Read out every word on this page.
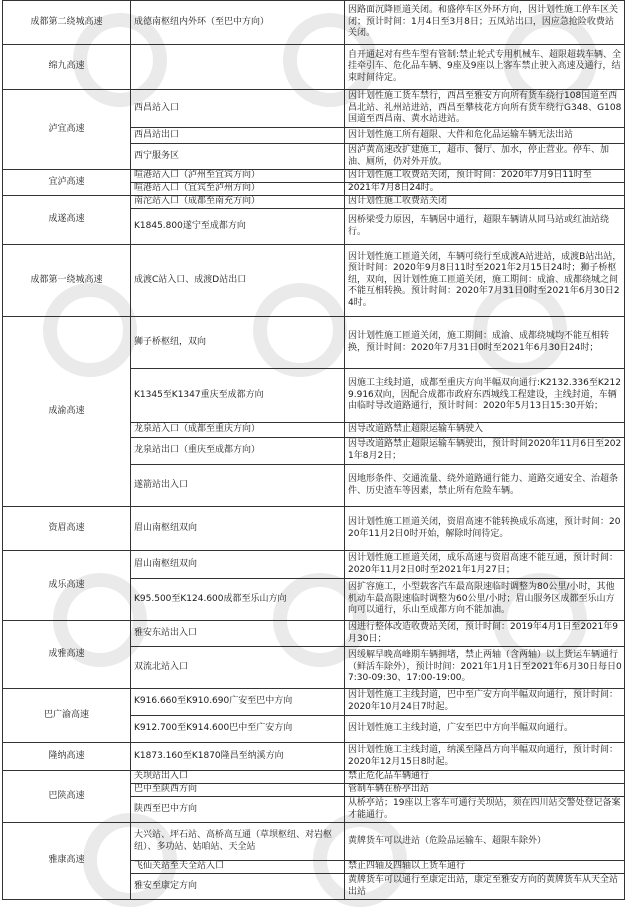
成都第二绕城高速	成德南枢纽内外环（至巴中方向）	因路面沉降匝道关闭。和盛停车区外环方向，因计划性施工停车区关闭；预计时间：1月4日至3月8日；五凤站出口，因应急抢险收费站关闭。
绵九高速		自开通起对有些车型有管制:禁止轮式专用机械车、超限超载车辆、全挂牵引车、危化品车辆、9座及9座以上客车禁止驶入高速及通行，结束时间待定。
泸宜高速	西昌站入口	因计划性施工货车禁行，西昌至雅安方向所有货车绕行108国道至西昌北站、礼州站进站，西昌至攀枝花方向所有货车绕行G348、G108国道至西昌南、黄水站进站。
	西昌站出口	因计划性施工所有超限、大件和危化品运输车辆无法出站
	西宁服务区	因泸黄高速改扩建施工，超市、餐厅、加水，停止营业。停车、加油、厕所，仍对外开放。
宜泸高速	喧港站入口（泸州至宜宾方向）	因计划性施工收费站关闭，预计时间：2020年7月9日11时至
	喧港站入口（宜宾至泸州方向）	2021年7月8日24时。
成遂高速	南沱站入口（成都至南充方向）	因计划性施工收费站关闭
	K1845.800遂宁至成都方向	因桥梁受力原因，车辆居中通行，超限车辆请从同马站或红油站绕行。
成都第一绕城高速	成渡C站入口、成渡D站出口	因计划性施工匝道关闭，车辆可绕行至成渡A站进站，成渡B站出站，预计时间：2020年9月8日11时至2021年2月15日24时；狮子桥枢纽，双向，因计划性施工匝道关闭，施工期间：成渝、成都绕城之间不能互相转换。预计时间：2020年7月31日0时至2021年6月30日24时。
成渝高速	狮子桥枢纽，双向	因计划性施工匝道关闭，施工期间：成渝、成都绕城均不能互相转换，预计时间：2020年7月31日0时至2021年6月30日24时；
	K1345至K1347重庆至成都方向	因施工主线封道，成都至重庆方向半幅双向通行:K2132.336至K2129.916双向，因配合成都市政府东西城线工程建设，主线封道，车辆由临时导改道路通行，预计时间：2020年5月13日15:30开始；
	龙泉站入口（成都至重庆方向）	因导改道路禁止超限运输车辆驶入
	龙泉站出口（重庆至成都方向）	因导改道路禁止超限运输车辆驶出，预计时间2020年11月6日至2021年8月2日；
	遂箭站出入口	因地形条件、交通流量、绕外道路通行能力、道路交通安全、治超条件、历史渣车等因素，禁止所有危险车辆。
资眉高速	眉山南枢纽双向	因计划性施工匝道关闭，资眉高速不能转换成乐高速，预计时间：2020年11月2日0时开始，解除时间待定。
成乐高速	眉山南枢纽双向	因计划性施工匝道关闭，成乐高速与资眉高速不能互通，预计时间：2020年11月2日0时至2021年1月27日；
	K95.500至K124.600成都至乐山方向	因扩容施工，小型载客汽车最高限速临时调整为80公里/小时，其他机动车最高限速临时调整为60公里/小时；眉山服务区成都至乐山方向可以通行，乐山至成都方向不能加油。
成雅高速	雅安东站出入口	因进行整体改造收费站关闭，预计时间：2019年4月1日至2021年9月30日；
	双流北站入口	因缓解早晚高峰期车辆拥堵，禁止两轴（含两轴）以上货运车辆通行（鲜活车除外），预计时间：2021年1月1日至2021年6月30日每日07:30-09:30、17:00-19:00。
巴广渝高速	K916.660至K910.690广安至巴中方向	因计划性施工主线封道，巴中至广安方向半幅双向通行，预计时间：2020年10月24日7时起。
	K912.700至K914.600巴中至广安方向	因计划性施工主线封道，广安至巴中方向半幅双向通行。
隆纳高速	K1873.160至K1870隆昌至纳溪方向	因计划性施工主线封道，纳溪至隆昌方向半幅双向通行，预计时间：2020年12月15日8时起。
巴陕高速	关坝站出入口	禁止危化品车辆通行
	巴中至陕西方向	管制车辆在桥亭出站
	陕西至巴中方向	从桥亭站；19座以上客车可通行关坝站，须在四川站交警处登记备案才能通行。
雅康高速	大兴站、坪石站、高桥高互通（草坝枢纽、对岩枢纽）、多功站、姑咱站、天全站	黄牌货车可以进站（危险品运输车、超限车除外）
	飞仙关站至天全站入口	禁止四轴及四轴以上货车通行
	雅安至康定方向	黄牌货车可以通行至康定出站，康定至雅安方向的黄牌货车从天全站出站
